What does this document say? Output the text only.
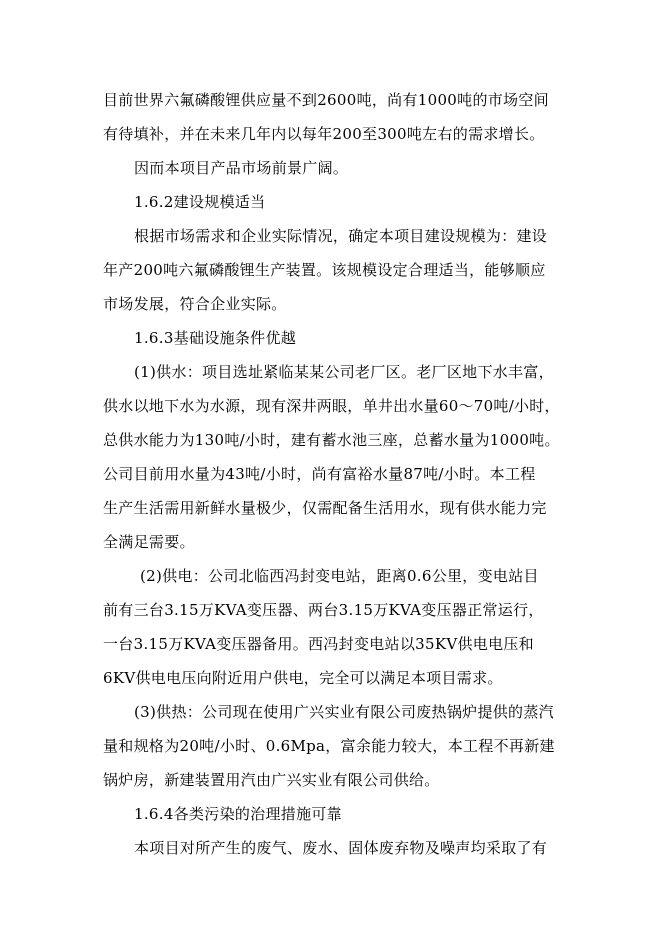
目前世界六氟磷酸锂供应量不到2600吨，尚有1000吨的市场空间
有待填补，并在未来几年内以每年200至300吨左右的需求增长。
因而本项目产品市场前景广阔。
1.6.2建设规模适当
根据市场需求和企业实际情况，确定本项目建设规模为：建设
年产200吨六氟磷酸锂生产装置。该规模设定合理适当，能够顺应
市场发展，符合企业实际。
1.6.3基础设施条件优越
(1)供水：项目选址紧临某某公司老厂区。老厂区地下水丰富，
供水以地下水为水源，现有深井两眼，单井出水量60～70吨/小时，
总供水能力为130吨/小时，建有蓄水池三座，总蓄水量为1000吨。
公司目前用水量为43吨/小时，尚有富裕水量87吨/小时。本工程
生产生活需用新鲜水量极少，仅需配备生活用水，现有供水能力完
全满足需要。
(2)供电：公司北临西冯封变电站，距离0.6公里，变电站目
前有三台3.15万KVA变压器、两台3.15万KVA变压器正常运行，
一台3.15万KVA变压器备用。西冯封变电站以35KV供电电压和
6KV供电电压向附近用户供电，完全可以满足本项目需求。
(3)供热：公司现在使用广兴实业有限公司废热锅炉提供的蒸汽
量和规格为20吨/小时、0.6Mpa，富余能力较大，本工程不再新建
锅炉房，新建装置用汽由广兴实业有限公司供给。
1.6.4各类污染的治理措施可靠
本项目对所产生的废气、废水、固体废弃物及噪声均采取了有
